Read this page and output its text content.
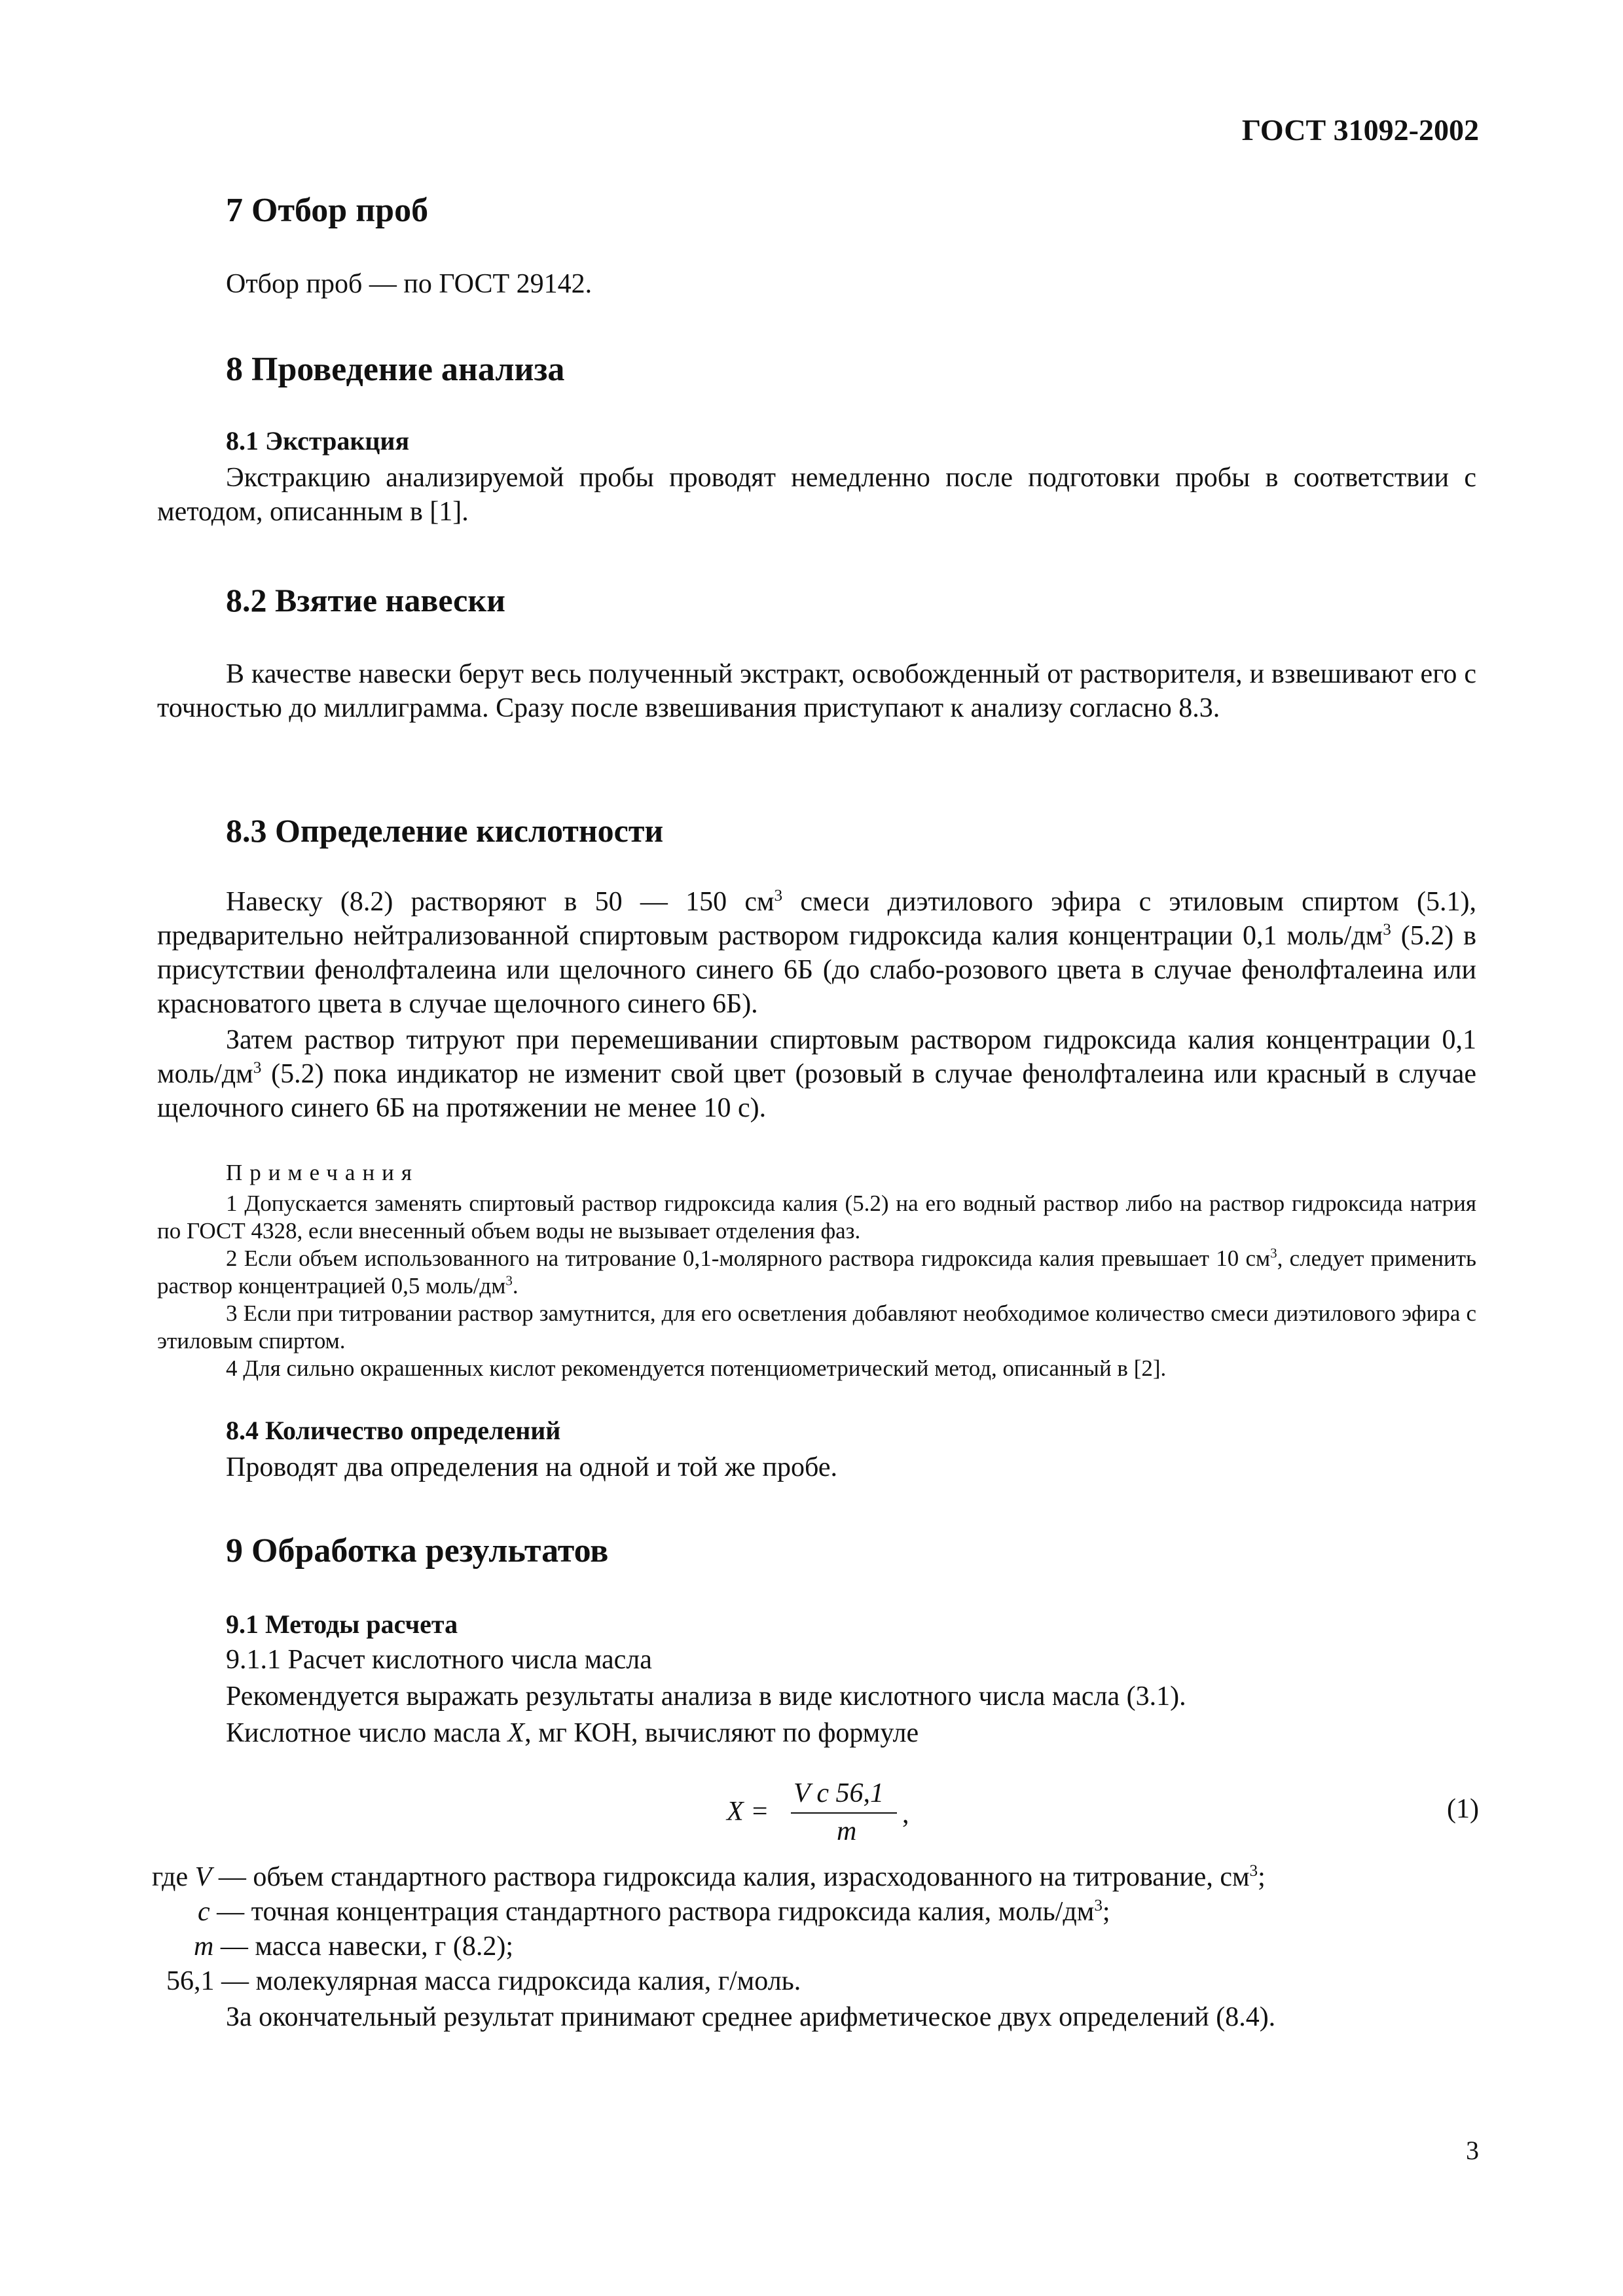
ГОСТ 31092-2002
7 Отбор проб
Отбор проб — по ГОСТ 29142.
8 Проведение анализа
8.1 Экстракция
Экстракцию анализируемой пробы проводят немедленно после подготовки пробы в соответствии с методом, описанным в [1].
8.2 Взятие навески
В качестве навески берут весь полученный экстракт, освобожденный от растворителя, и взвешивают его с точностью до миллиграмма. Сразу после взвешивания приступают к анализу согласно 8.3.
8.3 Определение кислотности
Навеску (8.2) растворяют в 50 — 150 $см^3$ смеси диэтилового эфира с этиловым спиртом (5.1), предварительно нейтрализованной спиртовым раствором гидроксида калия концентрации 0,1 моль/$дм^3$ (5.2) в присутствии фенолфталеина или щелочного синего 6Б (до слабо-розового цвета в случае фенолфталеина или красноватого цвета в случае щелочного синего 6Б).
Затем раствор титруют при перемешивании спиртовым раствором гидроксида калия концентрации 0,1 моль/$дм^3$ (5.2) пока индикатор не изменит свой цвет (розовый в случае фенолфталеина или красный в случае щелочного синего 6Б на протяжении не менее 10 с).
Примечания
1 Допускается заменять спиртовый раствор гидроксида калия (5.2) на его водный раствор либо на раствор гидроксида натрия по ГОСТ 4328, если внесенный объем воды не вызывает отделения фаз.
2 Если объем использованного на титрование 0,1-молярного раствора гидроксида калия превышает 10 $см^3$, следует применить раствор концентрацией 0,5 моль/$дм^3$.
3 Если при титровании раствор замутнится, для его осветления добавляют необходимое количество смеси диэтилового эфира с этиловым спиртом.
4 Для сильно окрашенных кислот рекомендуется потенциометрический метод, описанный в [2].
8.4 Количество определений
Проводят два определения на одной и той же пробе.
9 Обработка результатов
9.1 Методы расчета
9.1.1 Расчет кислотного числа масла
Рекомендуется выражать результаты анализа в виде кислотного числа масла (3.1).
Кислотное число масла X, мг КОН, вычисляют по формуле
X =
V c 56,1
m
,	(1)
где V — объем стандартного раствора гидроксида калия, израсходованного на титрование, $см^3$;
c — точная концентрация стандартного раствора гидроксида калия, моль/$дм^3$;
m — масса навески, г (8.2);
56,1 — молекулярная масса гидроксида калия, г/моль.
За окончательный результат принимают среднее арифметическое двух определений (8.4).
3
